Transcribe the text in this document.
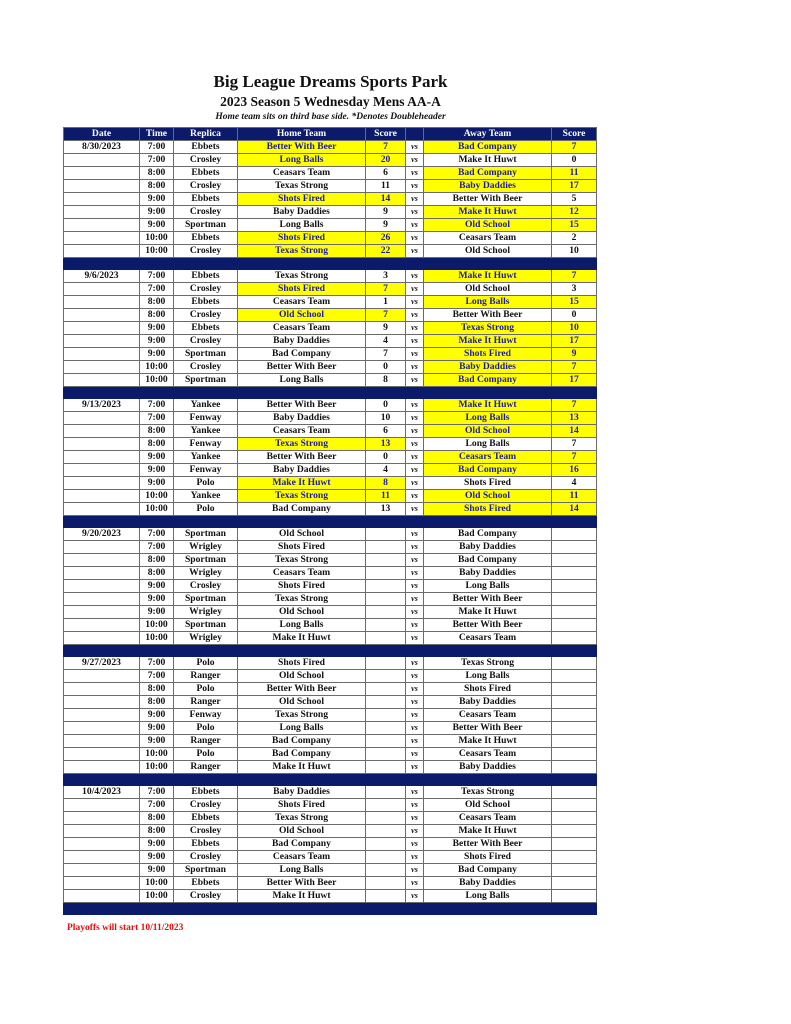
Big League Dreams Sports Park
2023 Season 5 Wednesday Mens AA-A
Home team sits on third base side. *Denotes Doubleheader
Date	Time	Replica	Home Team	Score		Away Team	Score
8/30/2023	7:00	Ebbets	Better With Beer	7	vs	Bad Company	7
	7:00	Crosley	Long Balls	20	vs	Make It Huwt	0
	8:00	Ebbets	Ceasars Team	6	vs	Bad Company	11
	8:00	Crosley	Texas Strong	11	vs	Baby Daddies	17
	9:00	Ebbets	Shots Fired	14	vs	Better With Beer	5
	9:00	Crosley	Baby Daddies	9	vs	Make It Huwt	12
	9:00	Sportman	Long Balls	9	vs	Old School	15
	10:00	Ebbets	Shots Fired	26	vs	Ceasars Team	2
	10:00	Crosley	Texas Strong	22	vs	Old School	10

9/6/2023	7:00	Ebbets	Texas Strong	3	vs	Make It Huwt	7
	7:00	Crosley	Shots Fired	7	vs	Old School	3
	8:00	Ebbets	Ceasars Team	1	vs	Long Balls	15
	8:00	Crosley	Old School	7	vs	Better With Beer	0
	9:00	Ebbets	Ceasars Team	9	vs	Texas Strong	10
	9:00	Crosley	Baby Daddies	4	vs	Make It Huwt	17
	9:00	Sportman	Bad Company	7	vs	Shots Fired	9
	10:00	Crosley	Better With Beer	0	vs	Baby Daddies	7
	10:00	Sportman	Long Balls	8	vs	Bad Company	17

9/13/2023	7:00	Yankee	Better With Beer	0	vs	Make It Huwt	7
	7:00	Fenway	Baby Daddies	10	vs	Long Balls	13
	8:00	Yankee	Ceasars Team	6	vs	Old School	14
	8:00	Fenway	Texas Strong	13	vs	Long Balls	7
	9:00	Yankee	Better With Beer	0	vs	Ceasars Team	7
	9:00	Fenway	Baby Daddies	4	vs	Bad Company	16
	9:00	Polo	Make It Huwt	8	vs	Shots Fired	4
	10:00	Yankee	Texas Strong	11	vs	Old School	11
	10:00	Polo	Bad Company	13	vs	Shots Fired	14

9/20/2023	7:00	Sportman	Old School		vs	Bad Company	
	7:00	Wrigley	Shots Fired		vs	Baby Daddies	
	8:00	Sportman	Texas Strong		vs	Bad Company	
	8:00	Wrigley	Ceasars Team		vs	Baby Daddies	
	9:00	Crosley	Shots Fired		vs	Long Balls	
	9:00	Sportman	Texas Strong		vs	Better With Beer	
	9:00	Wrigley	Old School		vs	Make It Huwt	
	10:00	Sportman	Long Balls		vs	Better With Beer	
	10:00	Wrigley	Make It Huwt		vs	Ceasars Team	

9/27/2023	7:00	Polo	Shots Fired		vs	Texas Strong	
	7:00	Ranger	Old School		vs	Long Balls	
	8:00	Polo	Better With Beer		vs	Shots Fired	
	8:00	Ranger	Old School		vs	Baby Daddies	
	9:00	Fenway	Texas Strong		vs	Ceasars Team	
	9:00	Polo	Long Balls		vs	Better With Beer	
	9:00	Ranger	Bad Company		vs	Make It Huwt	
	10:00	Polo	Bad Company		vs	Ceasars Team	
	10:00	Ranger	Make It Huwt		vs	Baby Daddies	

10/4/2023	7:00	Ebbets	Baby Daddies		vs	Texas Strong	
	7:00	Crosley	Shots Fired		vs	Old School	
	8:00	Ebbets	Texas Strong		vs	Ceasars Team	
	8:00	Crosley	Old School		vs	Make It Huwt	
	9:00	Ebbets	Bad Company		vs	Better With Beer	
	9:00	Crosley	Ceasars Team		vs	Shots Fired	
	9:00	Sportman	Long Balls		vs	Bad Company	
	10:00	Ebbets	Better With Beer		vs	Baby Daddies	
	10:00	Crosley	Make It Huwt		vs	Long Balls	

Playoffs will start 10/11/2023
